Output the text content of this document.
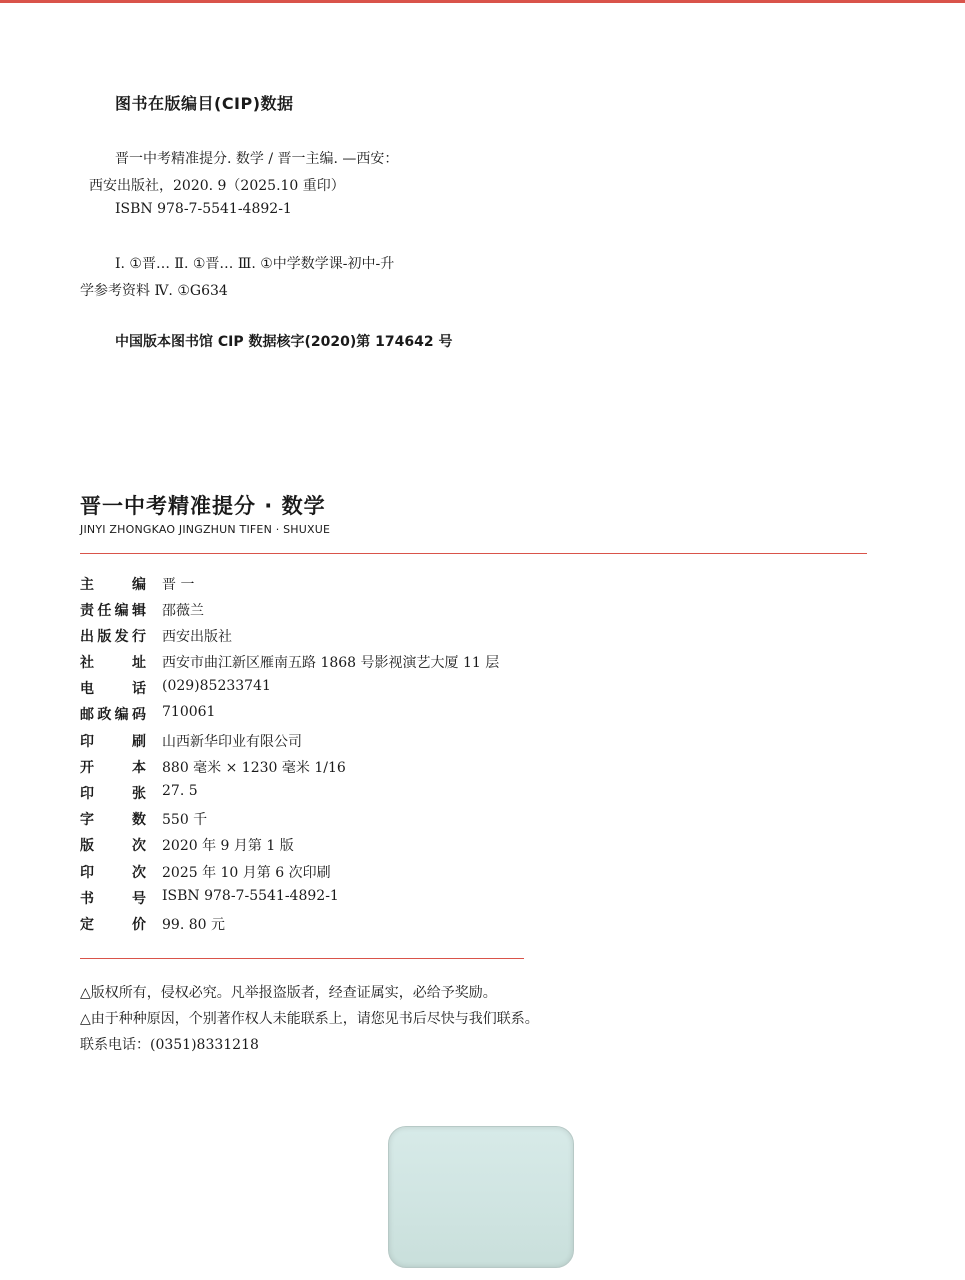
图书在版编目(CIP)数据
晋一中考精准提分. 数学 / 晋一主编. —西安：
西安出版社，2020. 9（2025.10 重印）
ISBN 978-7-5541-4892-1
Ⅰ. ①晋… Ⅱ. ①晋… Ⅲ. ①中学数学课-初中-升
学参考资料 Ⅳ. ①G634
中国版本图书馆 CIP 数据核字(2020)第 174642 号
晋一中考精准提分 · 数学
JINYI ZHONGKAO JINGZHUN TIFEN · SHUXUE
主编 晋 一
责任编辑 邵薇兰
出版发行 西安出版社
社址 西安市曲江新区雁南五路 1868 号影视演艺大厦 11 层
电话 (029)85233741
邮政编码 710061
印刷 山西新华印业有限公司
开本 880 毫米 × 1230 毫米 1/16
印张 27. 5
字数 550 千
版次 2020 年 9 月第 1 版
印次 2025 年 10 月第 6 次印刷
书号 ISBN 978-7-5541-4892-1
定价 99. 80 元
△版权所有，侵权必究。凡举报盗版者，经查证属实，必给予奖励。
△由于种种原因，个别著作权人未能联系上，请您见书后尽快与我们联系。
联系电话：(0351)8331218
